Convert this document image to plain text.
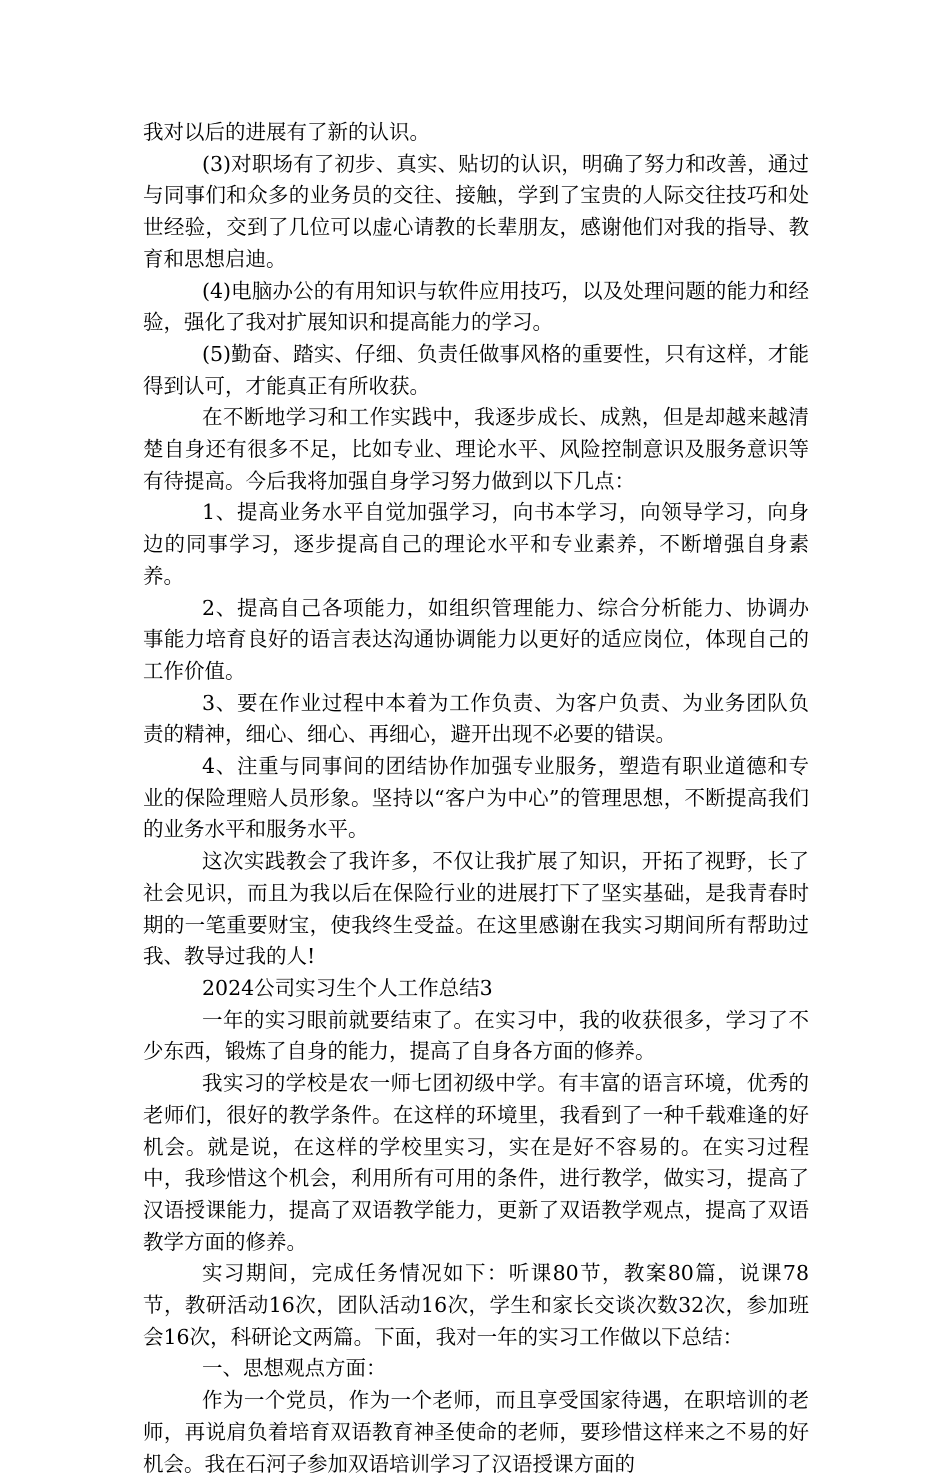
我对以后的进展有了新的认识。

(3)对职场有了初步、真实、贴切的认识，明确了努力和改善，通过与同事们和众多的业务员的交往、接触，学到了宝贵的人际交往技巧和处世经验，交到了几位可以虚心请教的长辈朋友，感谢他们对我的指导、教育和思想启迪。

(4)电脑办公的有用知识与软件应用技巧，以及处理问题的能力和经验，强化了我对扩展知识和提高能力的学习。

(5)勤奋、踏实、仔细、负责任做事风格的重要性，只有这样，才能得到认可，才能真正有所收获。

在不断地学习和工作实践中，我逐步成长、成熟，但是却越来越清楚自身还有很多不足，比如专业、理论水平、风险控制意识及服务意识等有待提高。今后我将加强自身学习努力做到以下几点：

1、提高业务水平自觉加强学习，向书本学习，向领导学习，向身边的同事学习，逐步提高自己的理论水平和专业素养，不断增强自身素养。

2、提高自己各项能力，如组织管理能力、综合分析能力、协调办事能力培育良好的语言表达沟通协调能力以更好的适应岗位，体现自己的工作价值。

3、要在作业过程中本着为工作负责、为客户负责、为业务团队负责的精神，细心、细心、再细心，避开出现不必要的错误。

4、注重与同事间的团结协作加强专业服务，塑造有职业道德和专业的保险理赔人员形象。坚持以“客户为中心”的管理思想，不断提高我们的业务水平和服务水平。

这次实践教会了我许多，不仅让我扩展了知识，开拓了视野，长了社会见识，而且为我以后在保险行业的进展打下了坚实基础，是我青春时期的一笔重要财宝，使我终生受益。在这里感谢在我实习期间所有帮助过我、教导过我的人!

2024公司实习生个人工作总结3

一年的实习眼前就要结束了。在实习中，我的收获很多，学习了不少东西，锻炼了自身的能力，提高了自身各方面的修养。

我实习的学校是农一师七团初级中学。有丰富的语言环境，优秀的老师们，很好的教学条件。在这样的环境里，我看到了一种千载难逢的好机会。就是说，在这样的学校里实习，实在是好不容易的。在实习过程中，我珍惜这个机会，利用所有可用的条件，进行教学，做实习，提高了汉语授课能力，提高了双语教学能力，更新了双语教学观点，提高了双语教学方面的修养。

实习期间，完成任务情况如下：听课80节，教案80篇，说课78节，教研活动16次，团队活动16次，学生和家长交谈次数32次，参加班会16次，科研论文两篇。下面，我对一年的实习工作做以下总结：

一、思想观点方面：

作为一个党员，作为一个老师，而且享受国家待遇，在职培训的老师，再说肩负着培育双语教育神圣使命的老师，要珍惜这样来之不易的好机会。我在石河子参加双语培训学习了汉语授课方面的
